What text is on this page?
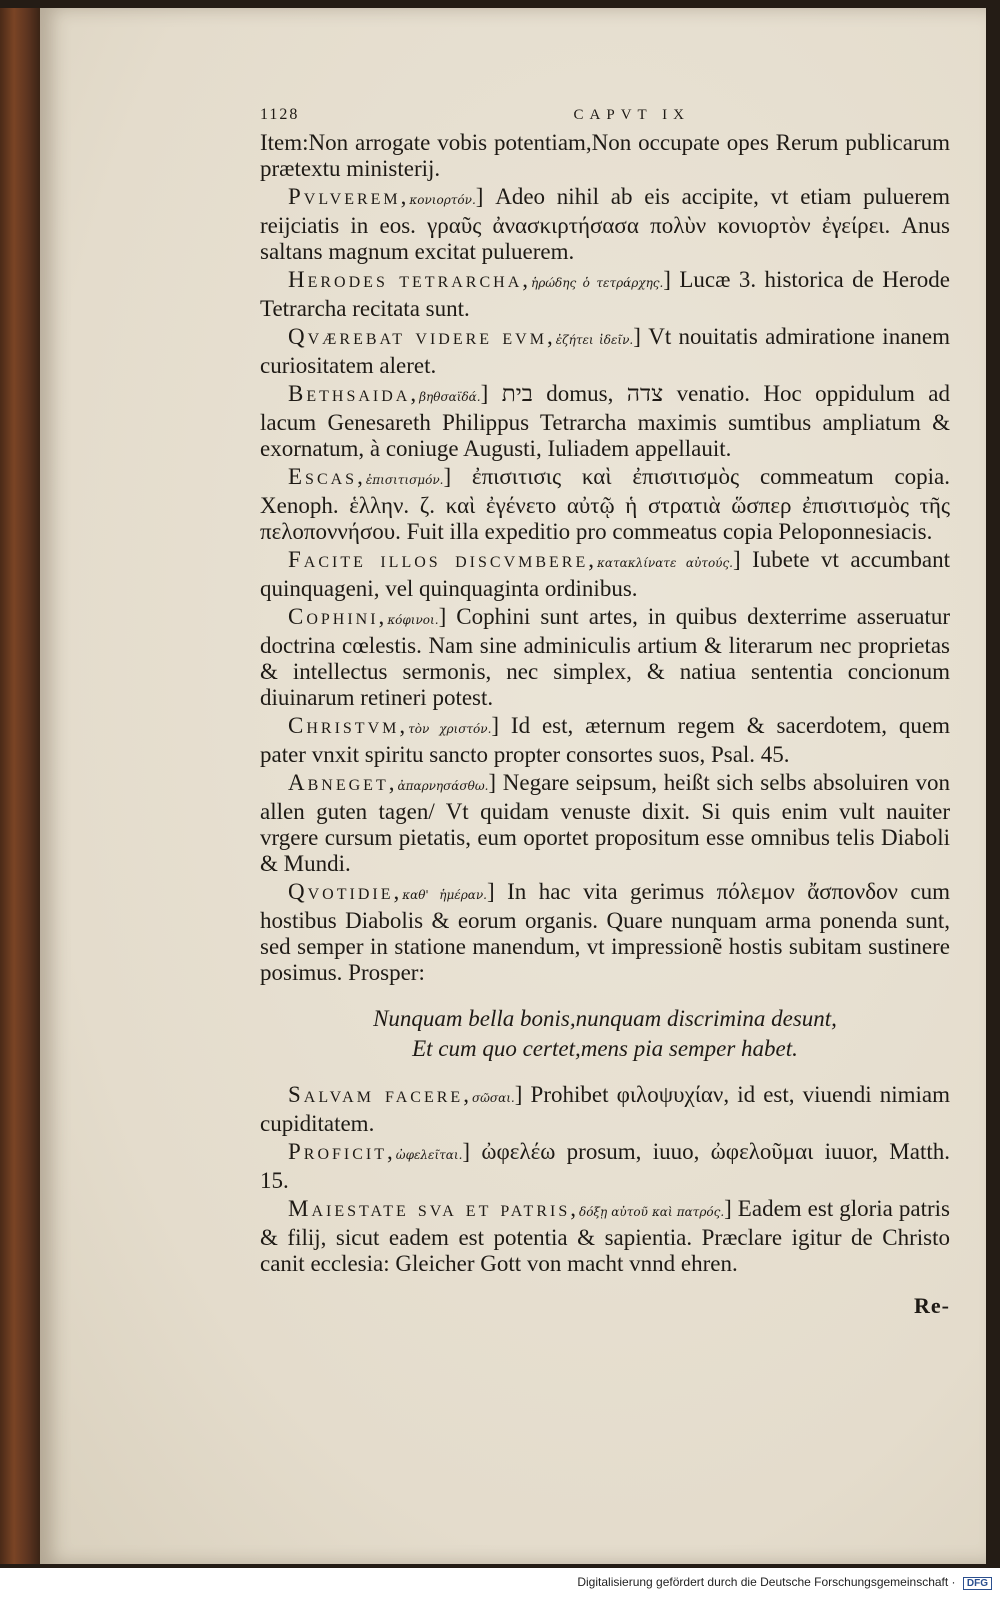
1128	CAPVT IX

Item:Non arrogate vobis potentiam,Non occupate opes Rerum publicarum prætextu ministerij.

Pvlverem,κονιορτόν.] Adeo nihil ab eis accipite, vt etiam puluerem reijciatis in eos. γραῦς ἀνασκιρτήσασα πολὺν κονιορτὸν ἐγείρει. Anus saltans magnum excitat puluerem.

Herodes tetrarcha,ἡρώδης ὁ τετράρχης.] Lucæ 3. historica de Herode Tetrarcha recitata sunt.

Qværebat videre evm,ἐζήτει ἰδεῖν.] Vt nouitatis admiratione inanem curiositatem aleret.

Bethsaida,βηθσαϊδά.] בית domus, צדה venatio. Hoc oppidulum ad lacum Genesareth Philippus Tetrarcha maximis sumtibus ampliatum & exornatum, à coniuge Augusti, Iuliadem appellauit.

Escas,ἐπισιτισμόν.] ἐπισιτισις καὶ ἐπισιτισμὸς commeatum copia. Xenoph. ἑλλην. ζ. καὶ ἐγένετο αὐτῷ ἡ στρατιὰ ὥσπερ ἐπισιτισμὸς τῆς πελοποννήσου. Fuit illa expeditio pro commeatus copia Peloponnesiacis.

Facite illos discvmbere,κατακλίνατε αὐτούς.] Iubete vt accumbant quinquageni, vel quinquaginta ordinibus.

Cophini,κόφινοι.] Cophini sunt artes, in quibus dexterrime asseruatur doctrina cœlestis. Nam sine adminiculis artium & literarum nec proprietas & intellectus sermonis, nec simplex, & natiua sententia concionum diuinarum retineri potest.

Christvm,τὸν χριστόν.] Id est, æternum regem & sacerdotem, quem pater vnxit spiritu sancto propter consortes suos, Psal. 45.

Abneget,ἀπαρνησάσθω.] Negare seipsum, heißt sich selbs absoluiren von allen guten tagen/ Vt quidam venuste dixit. Si quis enim vult nauiter vrgere cursum pietatis, eum oportet propositum esse omnibus telis Diaboli & Mundi.

Qvotidie,καθ' ἡμέραν.] In hac vita gerimus πόλεμον ἄσπονδον cum hostibus Diabolis & eorum organis. Quare nunquam arma ponenda sunt, sed semper in statione manendum, vt impressionẽ hostis subitam sustinere posimus. Prosper:

Nunquam bella bonis,nunquam discrimina desunt,
Et cum quo certet,mens pia semper habet.

Salvam facere,σῶσαι.] Prohibet φιλοψυχίαν, id est, viuendi nimiam cupiditatem.

Proficit,ὠφελεῖται.] ὠφελέω prosum, iuuo, ὠφελοῦμαι iuuor, Matth. 15.

Maiestate sva et patris,δόξῃ αὐτοῦ καὶ πατρός.] Eadem est gloria patris & filij, sicut eadem est potentia & sapientia. Præclare igitur de Christo canit ecclesia: Gleicher Gott von macht vnnd ehren.

Re-
Digitalisierung gefördert durch die Deutsche Forschungsgemeinschaft · DFG
